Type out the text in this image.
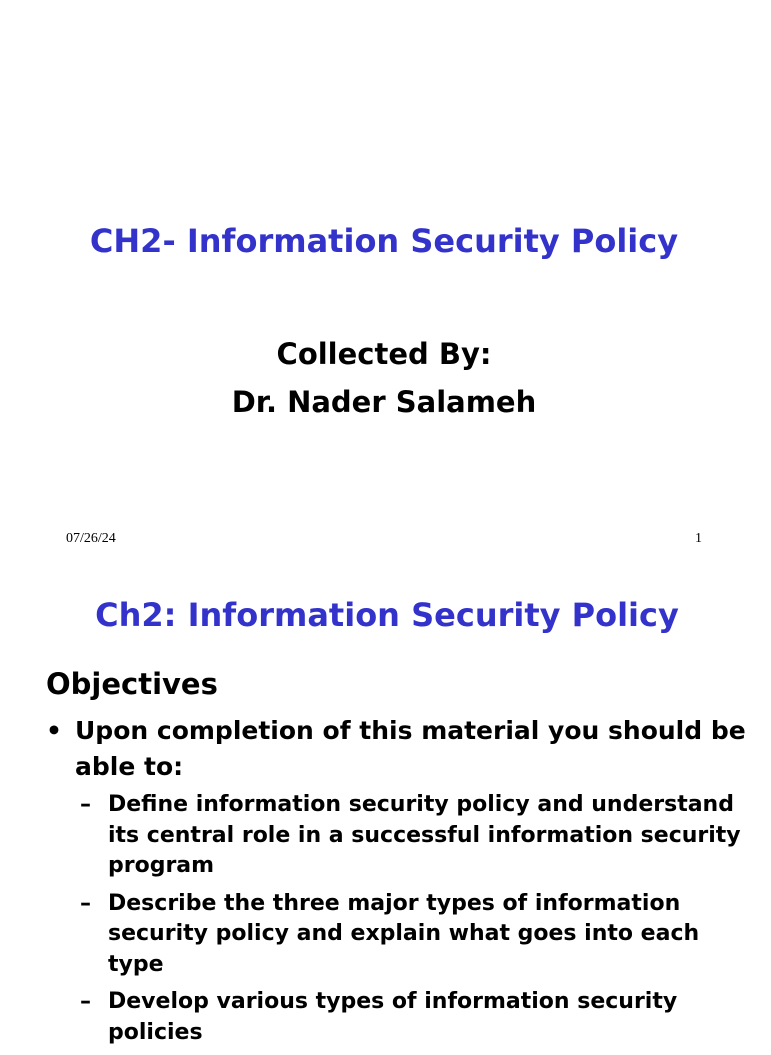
CH2- Information Security Policy
Collected By:
Dr. Nader Salameh
07/26/24	1
Ch2: Information Security Policy
Objectives
• Upon completion of this material you should be able to:
– Define information security policy and understand its central role in a successful information security program
– Describe the three major types of information security policy and explain what goes into each type
– Develop various types of information security policies
